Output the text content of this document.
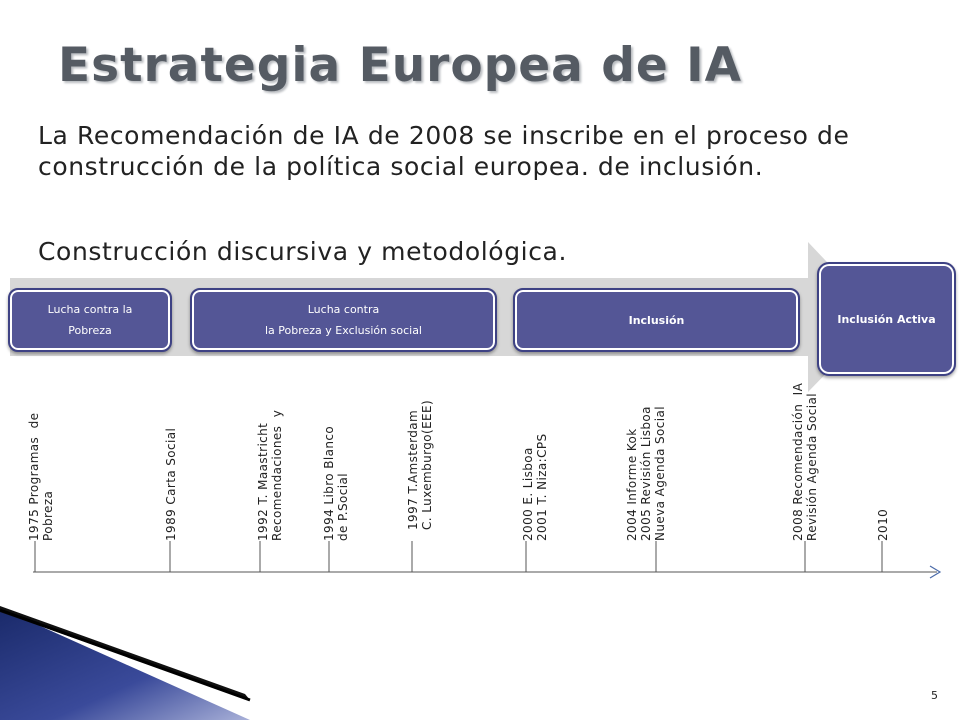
Estrategia Europea de IA
La Recomendación de IA de 2008 se inscribe en el proceso de construcción de la política social europea. de inclusión.
Construcción discursiva y metodológica.
Lucha contra la
Pobreza
Lucha contra
la Pobreza y Exclusión social
Inclusión	Inclusión Activa
1975 Programas  de
Pobreza	1989 Carta Social	1992 T. Maastricht
Recomendaciones  y	1994 Libro Blanco
de P.Social	1997 T.Amsterdam
C. Luxemburgo(EEE)	2000 E. Lisboa
2001 T. Niza:CPS	2004 Informe Kok
2005 Revisión Lisboa
Nueva Agenda Social	2008 Recomendación  IA
Revisión Agenda Social	2010
5
